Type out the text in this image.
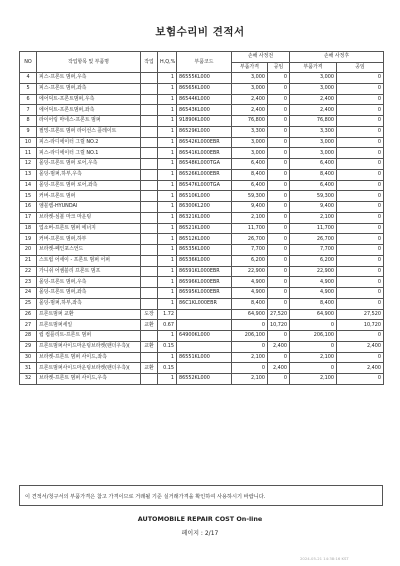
보험수리비 견적서
NO	작업항목 및 부품명	작업	H,Q,%	부품코드	손해 사정전		손해 사정후	
					부품가격	공임	부품가격	공임
4	피스-프론트 범퍼,우측		1	86555KL000	3,000	0	3,000	0
5	피스-프론트 범퍼,좌측		1	86565KL000	3,000	0	3,000	0
6	에어덕트-프론트범퍼,우측		1	86544KL000	2,400	0	2,400	0
7	에어덕트-프론트범퍼,좌측		1	86543KL000	2,400	0	2,400	0
8	라이어링 마네스-프론트 범퍼		1	91890KL000	76,800	0	76,800	0
9	필밍-프론트 범퍼 라이선스 플레이트		1	86529KL000	3,300	0	3,300	0
10	피스-라디에이터 그릴 NO.2		1	86542KL000EBR	3,000	0	3,000	0
11	피스-라디에이터 그릴 NO.1		1	86541KL000EBR	3,000	0	3,000	0
12	몰딩-프론트 범퍼 로어,우측		1	86548KL000TGA	6,400	0	6,400	0
13	몰딩-범퍼,하부,우측		1	86526KL000EBR	8,400	0	8,400	0
14	몰딩-프론트 범퍼 로어,좌측		1	86547KL000TGA	6,400	0	6,400	0
15	커버-프론트 범퍼		1	86510KL000	59,300	0	59,300	0
16	엠블렘-HYUNDAI		1	86300KL200	9,400	0	9,400	0
17	브라켓-심볼 마크 마운팅		1	86321KL000	2,100	0	2,100	0
18	업소버-프론트 범퍼 에너지		1	86521KL000	11,700	0	11,700	0
19	커버-프론트 범퍼,하부		1	86512KL000	26,700	0	26,700	0
20	브라켓-페인포스언드		1	86535KL000	7,700	0	7,700	0
21	스트립 어세이 - 프론트 범퍼 어퍼		1	86536KL000	6,200	0	6,200	0
22	가니쉬 어셈블리 프론트 범프		1	86591KL000EBR	22,900	0	22,900	0
23	몰딩-프론트 범퍼,우측		1	86596KL000EBR	4,900	0	4,900	0
24	몰딩-프론트 범퍼,좌측		1	86595KL000EBR	4,900	0	4,900	0
25	몰딩-범퍼,하부,좌측		1	86C1KL000EBR	8,400	0	8,400	0
26	프론트범퍼 교환	도장	1.72		64,900	27,520	64,900	27,520
27	프론트범퍼세일	교환	0.67		0	10,720	0	10,720
28	립 컵플리트-프론트 범퍼		1	64900KL000	206,100	0	206,100	0
29	프론트범퍼사이드마운팅브라켓(팬더우측)(	교환	0.15		0	2,400	0	2,400
30	브라켓-프론트 범퍼 사이드,좌측		1	86551KL000	2,100	0	2,100	0
31	프론트범퍼사이드마운팅브라켓(팬더우측)(	교환	0.15		0	2,400	0	2,400
32	브라켓-프론트 범퍼 사이드,우측		1	86552KL000	2,100	0	2,100	0
이 견적서/청구서의 부품가격은 참고 가격이므로 거래될 기준 실거래가격을 확인하여 사용하시기 바랍니다.
AUTOMOBILE REPAIR COST On-line
페이지 : 2/17
2024-05-21 14:38:16 KST
